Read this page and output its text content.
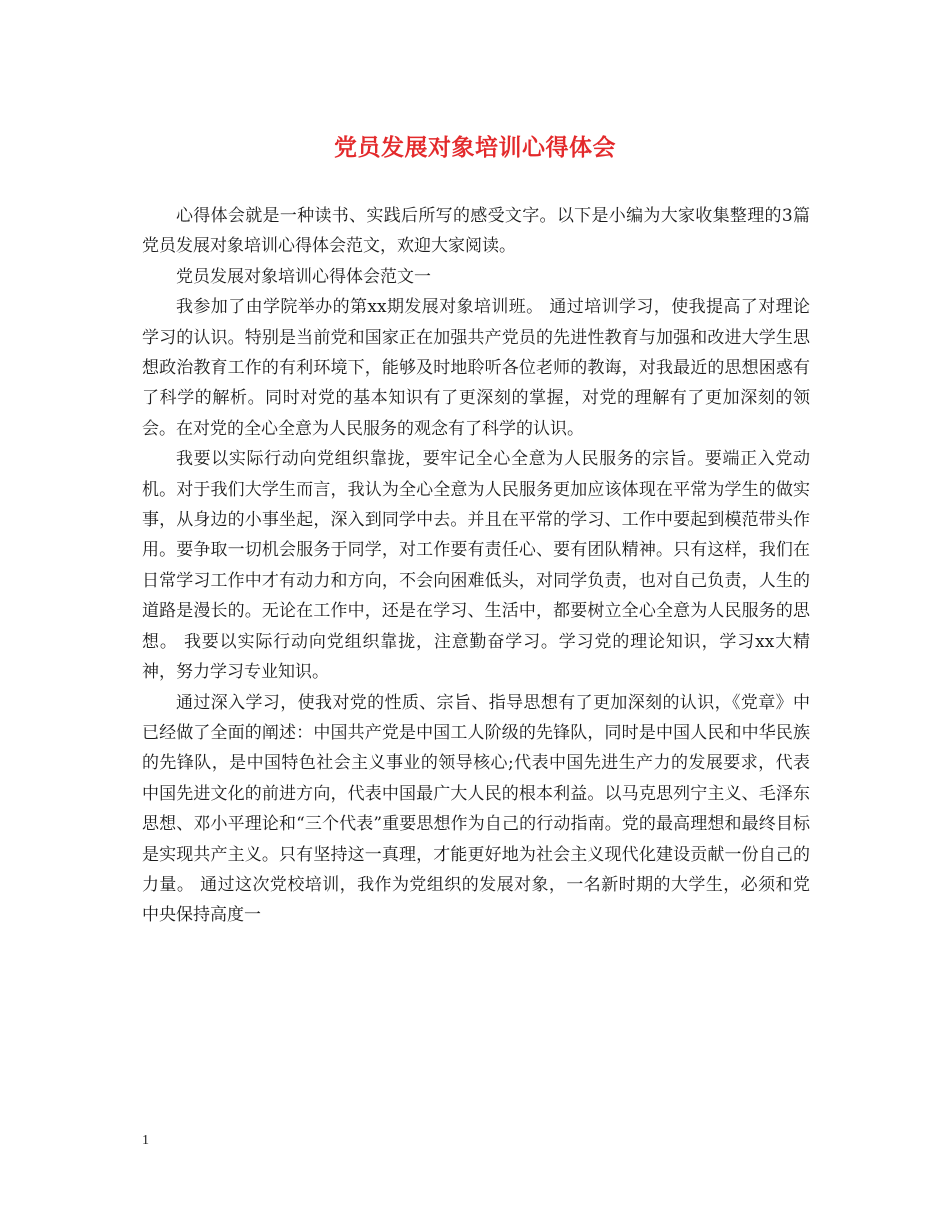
党员发展对象培训心得体会

心得体会就是一种读书、实践后所写的感受文字。以下是小编为大家收集整理的3篇党员发展对象培训心得体会范文，欢迎大家阅读。

党员发展对象培训心得体会范文一

我参加了由学院举办的第xx期发展对象培训班。 通过培训学习，使我提高了对理论学习的认识。特别是当前党和国家正在加强共产党员的先进性教育与加强和改进大学生思想政治教育工作的有利环境下，能够及时地聆听各位老师的教诲，对我最近的思想困惑有了科学的解析。同时对党的基本知识有了更深刻的掌握，对党的理解有了更加深刻的领会。在对党的全心全意为人民服务的观念有了科学的认识。

我要以实际行动向党组织靠拢，要牢记全心全意为人民服务的宗旨。要端正入党动机。对于我们大学生而言，我认为全心全意为人民服务更加应该体现在平常为学生的做实事，从身边的小事坐起，深入到同学中去。并且在平常的学习、工作中要起到模范带头作用。要争取一切机会服务于同学，对工作要有责任心、要有团队精神。只有这样，我们在日常学习工作中才有动力和方向，不会向困难低头，对同学负责，也对自己负责，人生的道路是漫长的。无论在工作中，还是在学习、生活中，都要树立全心全意为人民服务的思想。 我要以实际行动向党组织靠拢，注意勤奋学习。学习党的理论知识，学习xx大精神，努力学习专业知识。

通过深入学习，使我对党的性质、宗旨、指导思想有了更加深刻的认识，《党章》中已经做了全面的阐述：中国共产党是中国工人阶级的先锋队，同时是中国人民和中华民族的先锋队，是中国特色社会主义事业的领导核心;代表中国先进生产力的发展要求，代表中国先进文化的前进方向，代表中国最广大人民的根本利益。以马克思列宁主义、毛泽东思想、邓小平理论和“三个代表”重要思想作为自己的行动指南。党的最高理想和最终目标是实现共产主义。只有坚持这一真理，才能更好地为社会主义现代化建设贡献一份自己的力量。 通过这次党校培训，我作为党组织的发展对象，一名新时期的大学生，必须和党中央保持高度一

1
